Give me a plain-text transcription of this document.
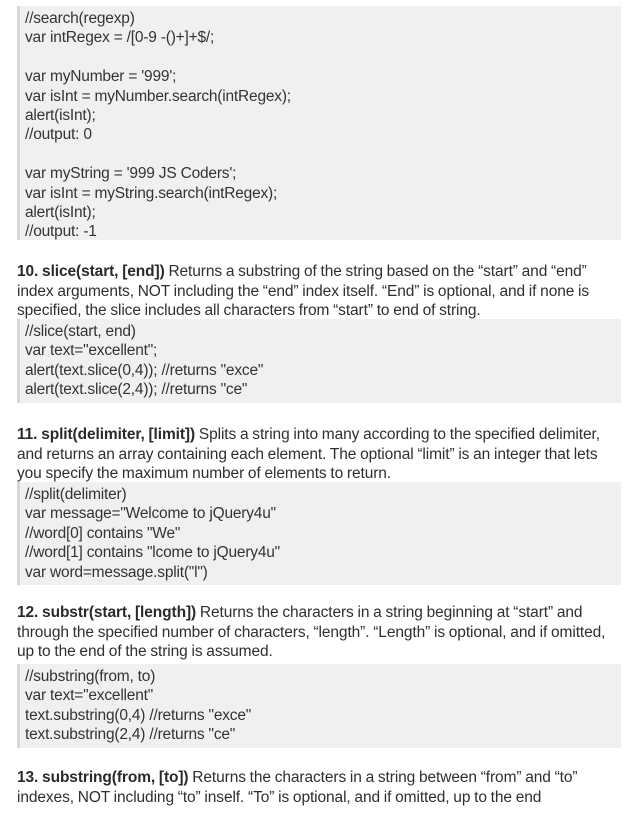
//search(regexp)
var intRegex = /[0-9 -()+]+$/;
var myNumber = '999';
var isInt = myNumber.search(intRegex);
alert(isInt);
//output: 0
var myString = '999 JS Coders';
var isInt = myString.search(intRegex);
alert(isInt);
//output: -1
10. slice(start, [end]) Returns a substring of the string based on the “start” and “end” index arguments, NOT including the “end” index itself. “End” is optional, and if none is specified, the slice includes all characters from “start” to end of string.
//slice(start, end)
var text="excellent";
alert(text.slice(0,4)); //returns "exce"
alert(text.slice(2,4)); //returns "ce"
11. split(delimiter, [limit]) Splits a string into many according to the specified delimiter, and returns an array containing each element. The optional “limit” is an integer that lets you specify the maximum number of elements to return.
//split(delimiter)
var message="Welcome to jQuery4u"
//word[0] contains "We"
//word[1] contains "lcome to jQuery4u"
var word=message.split("l")
12. substr(start, [length]) Returns the characters in a string beginning at “start” and through the specified number of characters, “length”. “Length” is optional, and if omitted, up to the end of the string is assumed.
//substring(from, to)
var text="excellent"
text.substring(0,4) //returns "exce"
text.substring(2,4) //returns "ce"
13. substring(from, [to]) Returns the characters in a string between “from” and “to” indexes, NOT including “to” inself. “To” is optional, and if omitted, up to the end
